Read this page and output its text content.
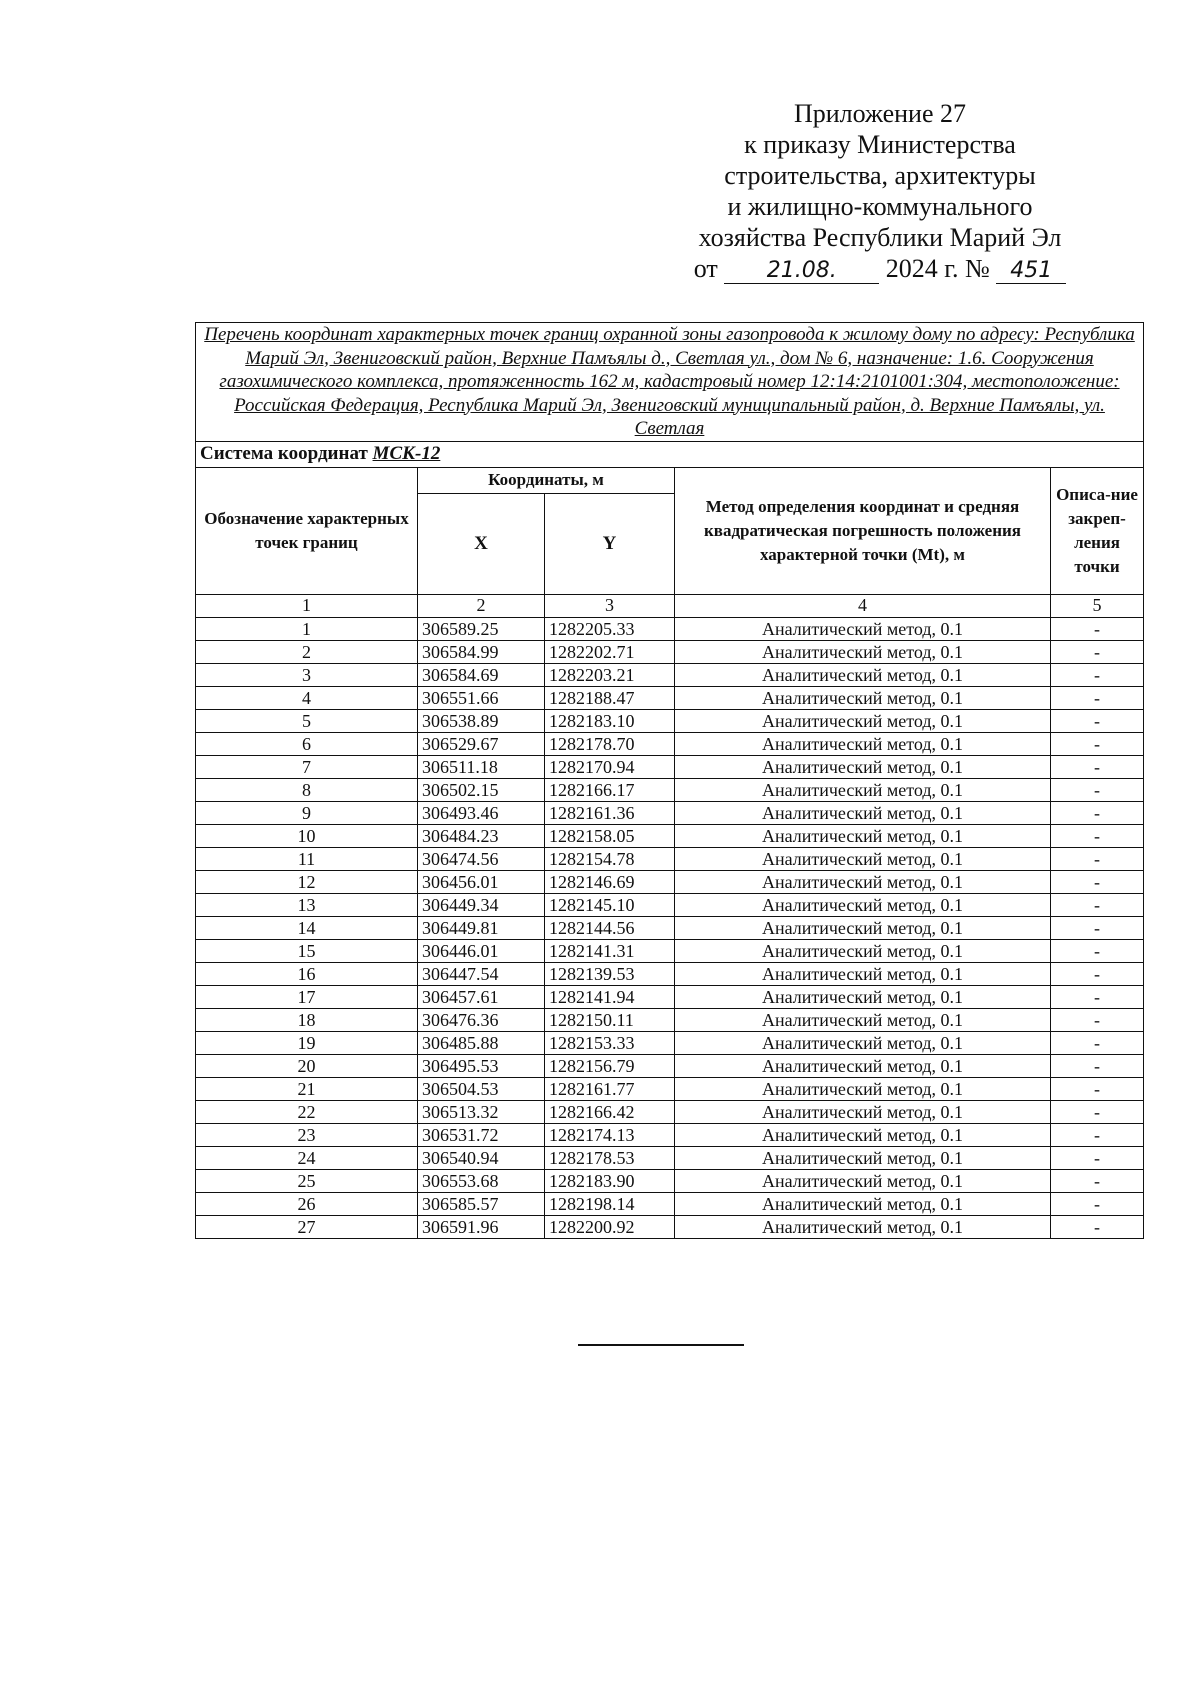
Приложение 27
к приказу Министерства
строительства, архитектуры
и жилищно-коммунального
хозяйства Республики Марий Эл
от 21.08. 2024 г. № 451
Перечень координат характерных точек границ охранной зоны газопровода к жилому дому по адресу: Республика Марий Эл, Звениговский район, Верхние Памъялы д., Светлая ул., дом № 6, назначение: 1.6. Сооружения газохимического комплекса, протяженность 162 м, кадастровый номер 12:14:2101001:304, местоположение: Российская Федерация, Республика Марий Эл, Звениговский муниципальный район, д. Верхние Памъялы, ул. Светлая				
Система координат МСК-12				
Обозначение характерных точек границ	Координаты, м		Метод определения координат и средняя квадратическая погрешность положения характерной точки (Mt), м	Описа-ние закреп-ления точки
	X	Y		
1	2	3	4	5
1	306589.25	1282205.33	Аналитический метод, 0.1	-
2	306584.99	1282202.71	Аналитический метод, 0.1	-
3	306584.69	1282203.21	Аналитический метод, 0.1	-
4	306551.66	1282188.47	Аналитический метод, 0.1	-
5	306538.89	1282183.10	Аналитический метод, 0.1	-
6	306529.67	1282178.70	Аналитический метод, 0.1	-
7	306511.18	1282170.94	Аналитический метод, 0.1	-
8	306502.15	1282166.17	Аналитический метод, 0.1	-
9	306493.46	1282161.36	Аналитический метод, 0.1	-
10	306484.23	1282158.05	Аналитический метод, 0.1	-
11	306474.56	1282154.78	Аналитический метод, 0.1	-
12	306456.01	1282146.69	Аналитический метод, 0.1	-
13	306449.34	1282145.10	Аналитический метод, 0.1	-
14	306449.81	1282144.56	Аналитический метод, 0.1	-
15	306446.01	1282141.31	Аналитический метод, 0.1	-
16	306447.54	1282139.53	Аналитический метод, 0.1	-
17	306457.61	1282141.94	Аналитический метод, 0.1	-
18	306476.36	1282150.11	Аналитический метод, 0.1	-
19	306485.88	1282153.33	Аналитический метод, 0.1	-
20	306495.53	1282156.79	Аналитический метод, 0.1	-
21	306504.53	1282161.77	Аналитический метод, 0.1	-
22	306513.32	1282166.42	Аналитический метод, 0.1	-
23	306531.72	1282174.13	Аналитический метод, 0.1	-
24	306540.94	1282178.53	Аналитический метод, 0.1	-
25	306553.68	1282183.90	Аналитический метод, 0.1	-
26	306585.57	1282198.14	Аналитический метод, 0.1	-
27	306591.96	1282200.92	Аналитический метод, 0.1	-
